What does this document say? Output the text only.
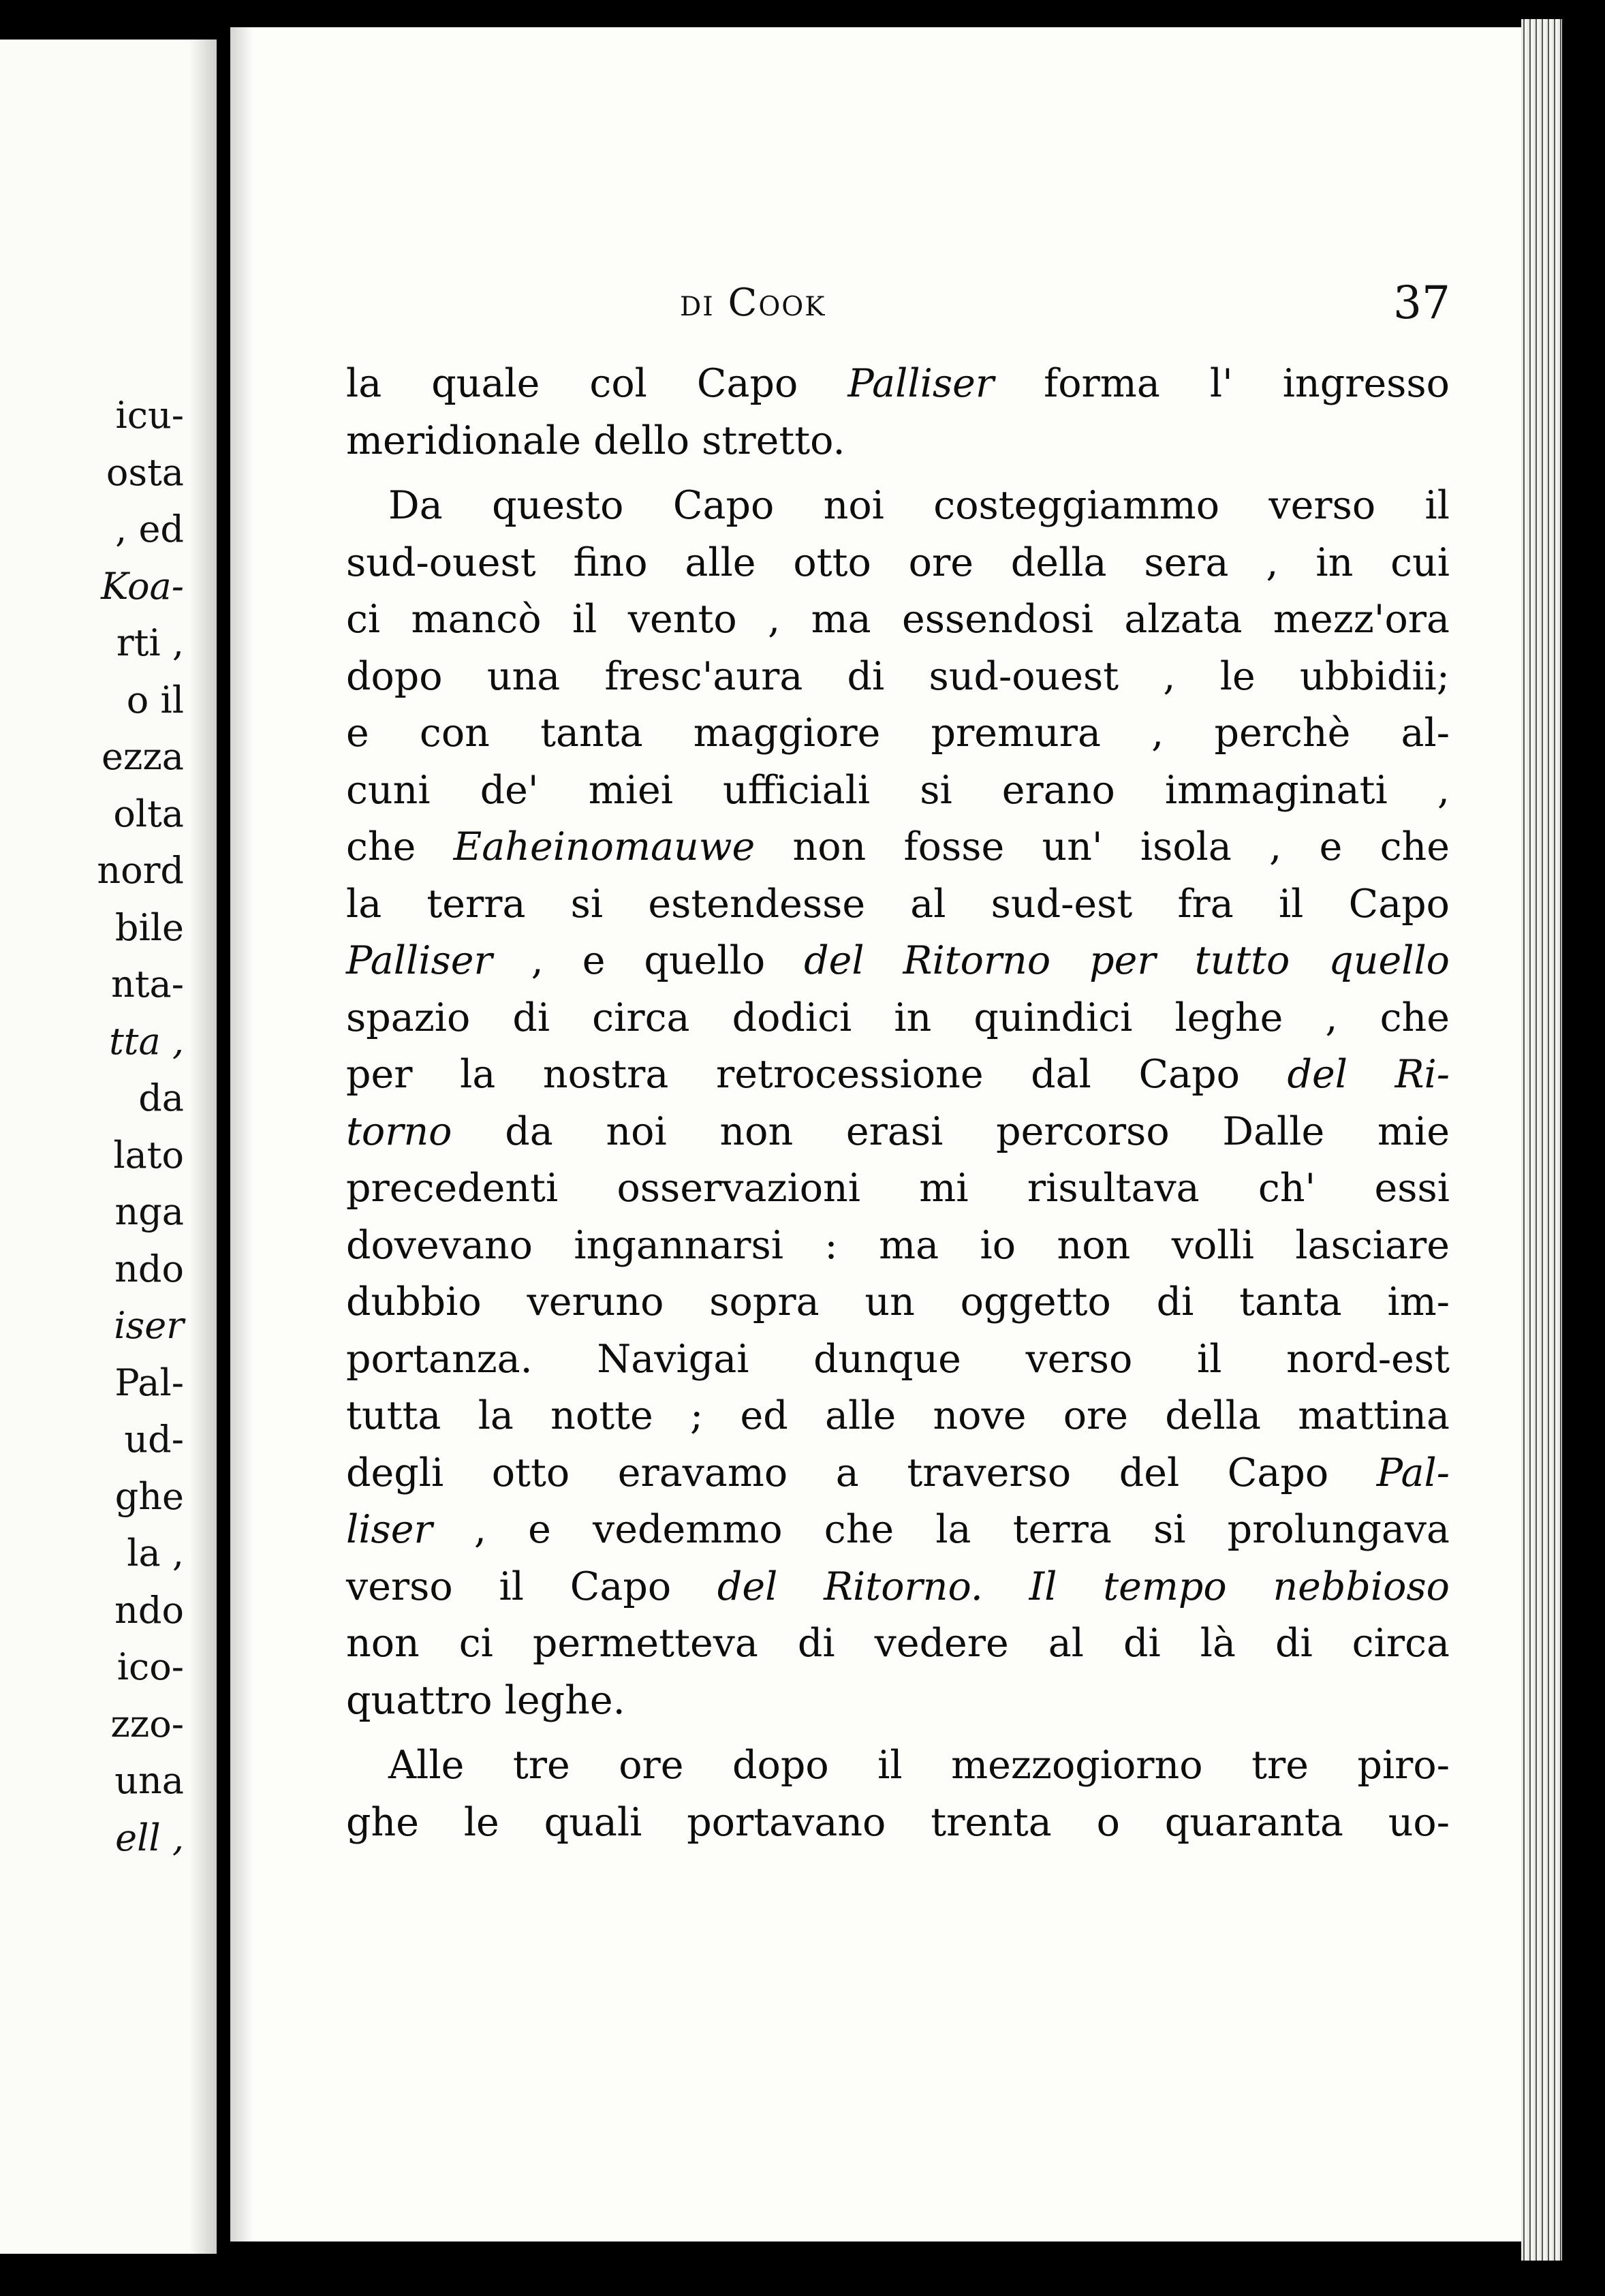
icu-
osta
, ed
Koa-
rti ,
o il
ezza
olta
nord
bile
nta-
tta ,
da
lato
nga
ndo
iser
Pal-
ud-
ghe
la ,
ndo
ico-
zzo-
una
ell ,
di Cook	37
la quale col Capo Palliser forma l' ingresso
meridionale dello stretto.
Da questo Capo noi costeggiammo verso il
sud-ouest fino alle otto ore della sera , in cui
ci mancò il vento , ma essendosi alzata mezz'ora
dopo una fresc'aura di sud-ouest , le ubbidii;
e con tanta maggiore premura , perchè al-
cuni de' miei ufficiali si erano immaginati ,
che Eaheinomauwe non fosse un' isola , e che
la terra si estendesse al sud-est fra il Capo
Palliser , e quello del Ritorno per tutto quello
spazio di circa dodici in quindici leghe , che
per la nostra retrocessione dal Capo del Ri-
torno da noi non erasi percorso Dalle mie
precedenti osservazioni mi risultava ch' essi
dovevano ingannarsi : ma io non volli lasciare
dubbio veruno sopra un oggetto di tanta im-
portanza. Navigai dunque verso il nord-est
tutta la notte ; ed alle nove ore della mattina
degli otto eravamo a traverso del Capo Pal-
liser , e vedemmo che la terra si prolungava
verso il Capo del Ritorno. Il tempo nebbioso
non ci permetteva di vedere al di là di circa
quattro leghe.
Alle tre ore dopo il mezzogiorno tre piro-
ghe le quali portavano trenta o quaranta uo-
